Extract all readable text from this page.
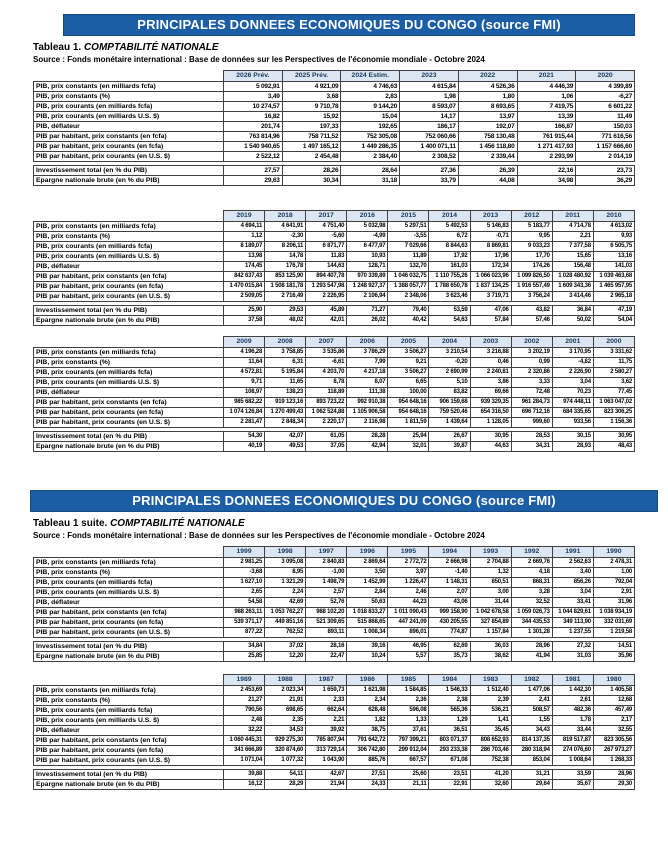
PRINCIPALES DONNEES ECONOMIQUES DU CONGO (source FMI)
Tableau 1. COMPTABILITÉ NATIONALE
Source : Fonds monétaire international : Base de données sur les Perspectives de l'économie mondiale - Octobre 2024
	2026 Prév.	2025 Prév.	2024 Estim.	2023	2022	2021	2020
PIB, prix constants (en milliards fcfa)	5 092,91	4 921,09	4 746,63	4 615,84	4 526,36	4 446,39	4 399,89
PIB, prix constants (%)	3,49	3,68	2,83	1,98	1,80	1,06	-6,27
PIB, prix courants (en milliards fcfa)	10 274,57	9 710,78	9 144,20	8 593,07	8 693,65	7 419,75	6 601,22
PIB, prix courants (en milliards U.S. $)	16,82	15,92	15,04	14,17	13,97	13,39	11,49
PIB, déflateur	201,74	197,33	192,65	186,17	192,07	166,87	150,03
PIB par habitant, prix constants (en fcfa)	763 814,96	758 711,52	752 305,08	752 060,66	758 130,48	761 915,44	771 616,56
PIB par habitant, prix courants (en fcfa)	1 540 940,65	1 497 165,12	1 449 286,35	1 400 071,11	1 456 118,80	1 271 417,93	1 157 666,60
PIB par habitant, prix courants (en U.S. $)	2 522,12	2 454,48	2 384,40	2 308,52	2 339,44	2 293,99	2 014,19

Investissement total (en % du PIB)	27,57	28,26	28,64	27,36	26,39	22,16	23,73
Epargne nationale brute (en % du PIB)	29,63	30,34	31,18	33,79	44,08	34,98	36,29
	2019	2018	2017	2016	2015	2014	2013	2012	2011	2010
PIB, prix constants (en milliards fcfa)	4 694,11	4 641,91	4 751,40	5 032,98	5 297,51	5 492,53	5 146,83	5 183,77	4 714,78	4 613,02
PIB, prix constants (%)	1,12	-2,30	-5,60	-4,99	-3,55	6,72	-0,71	9,95	2,21	9,93
PIB, prix courants (en milliards fcfa)	8 189,07	8 206,11	6 871,77	6 477,97	7 029,66	8 844,63	8 869,81	9 033,23	7 377,58	6 505,75
PIB, prix courants (en milliards U.S. $)	13,98	14,78	11,83	10,93	11,89	17,92	17,96	17,70	15,65	13,16
PIB, déflateur	174,45	176,78	144,63	128,71	132,70	161,03	172,34	174,26	156,48	141,03
PIB par habitant, prix constants (en fcfa)	842 637,43	853 125,90	894 407,78	970 339,89	1 046 032,75	1 110 755,26	1 066 023,96	1 099 826,50	1 028 480,92	1 039 463,68
PIB par habitant, prix courants (en fcfa)	1 470 015,84	1 508 181,78	1 293 547,98	1 248 927,37	1 388 057,77	1 788 650,78	1 837 134,25	1 916 557,49	1 609 343,36	1 465 957,95
PIB par habitant, prix courants (en U.S. $)	2 509,05	2 716,49	2 226,95	2 106,94	2 348,06	3 623,46	3 719,71	3 756,24	3 414,46	2 965,18

Investissement total (en % du PIB)	25,90	29,53	45,89	71,27	79,40	53,59	47,06	43,82	36,84	47,19
Epargne nationale brute (en % du PIB)	37,58	48,02	42,01	26,02	40,42	54,63	57,84	57,46	50,02	54,04
	2009	2008	2007	2006	2005	2004	2003	2002	2001	2000
PIB, prix constants (en milliards fcfa)	4 196,28	3 758,85	3 535,86	3 786,29	3 506,27	3 210,54	3 216,88	3 202,19	3 170,95	3 331,62
PIB, prix constants (%)	11,64	6,31	-6,61	7,99	9,21	-0,20	0,46	0,99	-4,82	11,75
PIB, prix courants (en milliards fcfa)	4 572,81	5 195,84	4 203,70	4 217,18	3 506,27	2 690,99	2 240,81	2 320,86	2 226,90	2 580,27
PIB, prix courants (en milliards U.S. $)	9,71	11,65	8,78	8,07	6,65	5,10	3,86	3,33	3,04	3,62
PIB, déflateur	108,97	138,23	118,89	111,38	100,00	83,82	69,66	72,48	70,23	77,45
PIB par habitant, prix constants (en fcfa)	985 682,22	919 123,16	893 723,22	992 910,38	954 648,16	906 159,68	939 329,35	961 284,73	974 448,11	1 063 047,02
PIB par habitant, prix courants (en fcfa)	1 074 126,84	1 270 499,43	1 062 524,88	1 105 906,58	954 648,16	759 520,46	654 316,50	696 712,16	684 335,65	823 306,25
PIB par habitant, prix courants (en U.S. $)	2 281,47	2 848,34	2 220,17	2 116,98	1 811,59	1 439,64	1 128,05	999,60	933,56	1 156,36

Investissement total (en % du PIB)	54,30	42,07	61,05	28,28	25,94	26,67	30,95	28,53	30,15	30,95
Epargne nationale brute (en % du PIB)	40,19	49,53	37,05	42,94	32,01	39,87	44,63	34,31	28,93	48,43
PRINCIPALES DONNEES ECONOMIQUES DU CONGO (source FMI)
Tableau 1 suite. COMPTABILITÉ NATIONALE
Source : Fonds monétaire international : Base de données sur les Perspectives de l'économie mondiale - Octobre 2024
	1999	1998	1997	1996	1995	1994	1993	1992	1991	1990
PIB, prix constants (en milliards fcfa)	2 981,25	3 095,08	2 840,83	2 869,64	2 772,72	2 666,98	2 704,88	2 669,76	2 562,63	2 478,31
PIB, prix constants (%)	-3,68	8,95	-1,00	3,50	3,97	-1,40	1,32	4,18	3,40	1,00
PIB, prix courants (en milliards fcfa)	1 627,10	1 321,29	1 498,79	1 452,99	1 226,47	1 148,31	850,51	868,31	856,26	792,04
PIB, prix courants (en milliards U.S. $)	2,65	2,24	2,57	2,84	2,46	2,07	3,00	3,28	3,04	2,91
PIB, déflateur	54,58	42,69	52,76	50,63	44,23	43,06	31,44	32,52	33,41	31,96
PIB par habitant, prix constants (en fcfa)	988 263,11	1 053 762,27	988 102,20	1 018 833,27	1 011 090,43	999 158,90	1 042 678,58	1 059 026,73	1 044 829,61	1 038 934,19
PIB par habitant, prix courants (en fcfa)	539 371,17	449 851,16	521 309,65	515 868,65	447 241,09	430 205,55	327 854,89	344 435,53	349 113,90	332 031,69
PIB par habitant, prix courants (en U.S. $)	877,22	762,52	893,11	1 008,34	896,01	774,87	1 157,84	1 301,28	1 237,55	1 219,58

Investissement total (en % du PIB)	34,84	37,02	28,16	39,16	46,95	62,69	36,03	28,96	27,32	14,51
Epargne nationale brute (en % du PIB)	25,85	12,20	22,47	10,24	5,57	35,73	38,62	41,94	31,03	35,96
	1989	1988	1987	1986	1985	1984	1983	1982	1981	1980
PIB, prix constants (en milliards fcfa)	2 453,69	2 023,34	1 659,73	1 621,98	1 584,85	1 546,33	1 512,40	1 477,06	1 442,30	1 405,58
PIB, prix constants (%)	21,27	21,91	2,33	2,34	2,36	2,38	2,39	2,41	2,61	12,68
PIB, prix courants (en milliards fcfa)	790,56	698,65	662,64	628,48	596,08	565,36	536,21	508,57	482,36	457,49
PIB, prix courants (en milliards U.S. $)	2,48	2,35	2,21	1,82	1,33	1,29	1,41	1,55	1,78	2,17
PIB, déflateur	32,22	34,53	39,92	38,75	37,61	36,51	35,45	34,43	33,44	32,55
PIB par habitant, prix constants (en fcfa)	1 060 445,31	929 275,30	785 807,94	791 642,72	797 399,21	803 071,37	808 652,93	814 137,35	819 517,87	823 305,56
PIB par habitant, prix courants (en fcfa)	341 666,89	320 874,60	313 729,14	306 742,80	299 912,04	293 233,38	286 703,46	280 318,94	274 076,60	267 973,27
PIB par habitant, prix courants (en U.S. $)	1 071,04	1 077,32	1 043,90	885,76	667,57	671,08	752,38	853,04	1 008,64	1 268,33

Investissement total (en % du PIB)	39,88	54,11	42,67	27,51	25,60	23,51	41,20	31,21	33,59	28,96
Epargne nationale brute (en % du PIB)	16,12	28,29	21,94	24,33	21,11	22,91	32,60	29,64	35,67	29,30
